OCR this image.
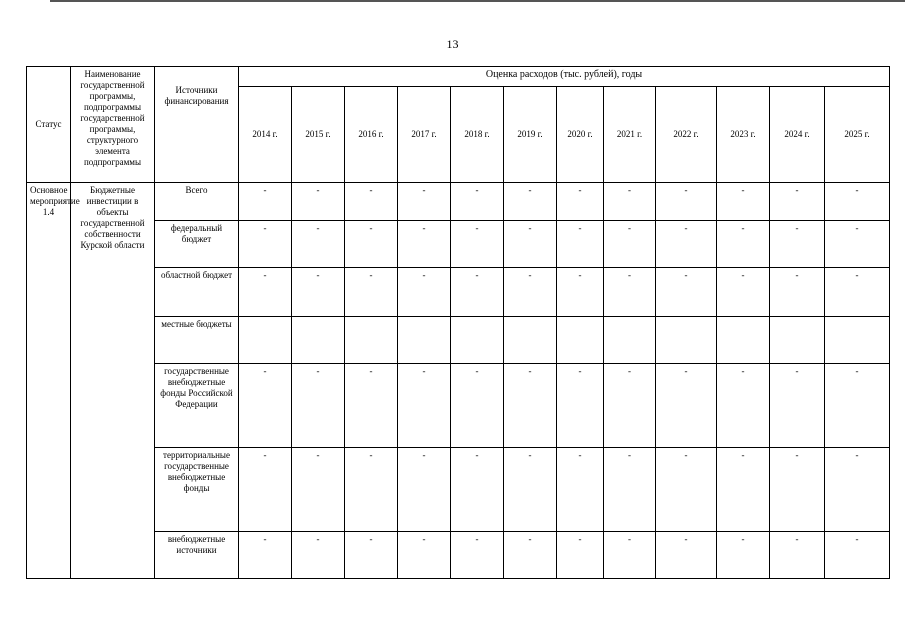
13
Статус	Наименование государственной программы, подпрограммы государственной программы, структурного элемента подпрограммы	Источники финансирования	Оценка расходов (тыс. рублей), годы											
			2014 г.	2015 г.	2016 г.	2017 г.	2018 г.	2019 г.	2020 г.	2021 г.	2022 г.	2023 г.	2024 г.	2025 г.
Основное мероприятие 1.4	Бюджетные инвестиции в объекты государственной собственности Курской области	Всего	-	-	-	-	-	-	-	-	-	-	-	-
		федеральный бюджет	-	-	-	-	-	-	-	-	-	-	-	-
		областной бюджет	-	-	-	-	-	-	-	-	-	-	-	-
		местные бюджеты												
		государственные внебюджетные фонды Российской Федерации	-	-	-	-	-	-	-	-	-	-	-	-
		территориальные государственные внебюджетные фонды	-	-	-	-	-	-	-	-	-	-	-	-
		внебюджетные источники	-	-	-	-	-	-	-	-	-	-	-	-
